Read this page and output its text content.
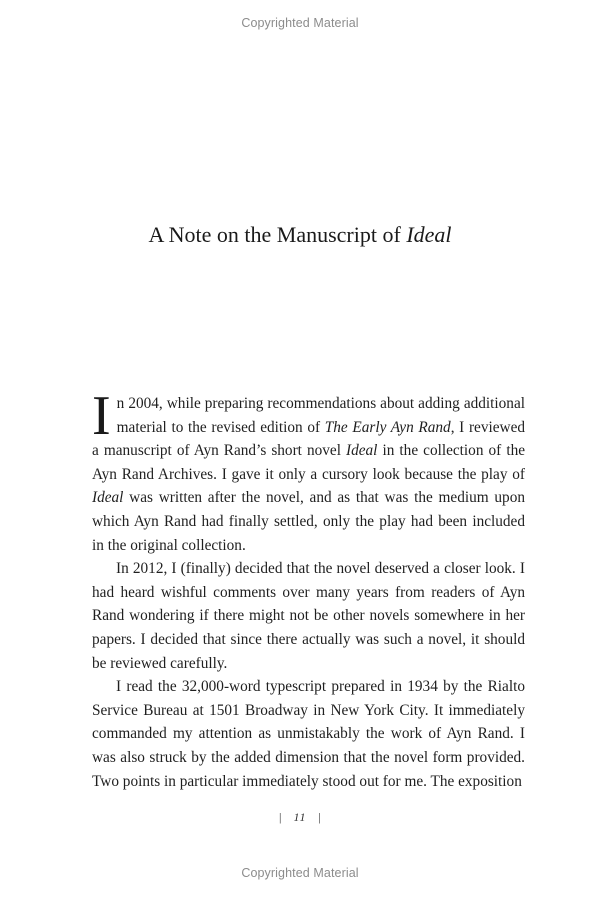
Copyrighted Material
A Note on the Manuscript of Ideal

In 2004, while preparing recommendations about adding additional material to the revised edition of The Early Ayn Rand, I reviewed a manuscript of Ayn Rand’s short novel Ideal in the collection of the Ayn Rand Archives. I gave it only a cursory look because the play of Ideal was written after the novel, and as that was the medium upon which Ayn Rand had finally settled, only the play had been included in the original collection.

In 2012, I (finally) decided that the novel deserved a closer look. I had heard wishful comments over many years from readers of Ayn Rand wondering if there might not be other novels somewhere in her papers. I decided that since there actually was such a novel, it should be reviewed carefully.

I read the 32,000-word typescript prepared in 1934 by the Rialto Service Bureau at 1501 Broadway in New York City. It immediately commanded my attention as unmistakably the work of Ayn Rand. I was also struck by the added dimension that the novel form provided. Two points in particular immediately stood out for me. The exposition

| 11 |
Copyrighted Material
